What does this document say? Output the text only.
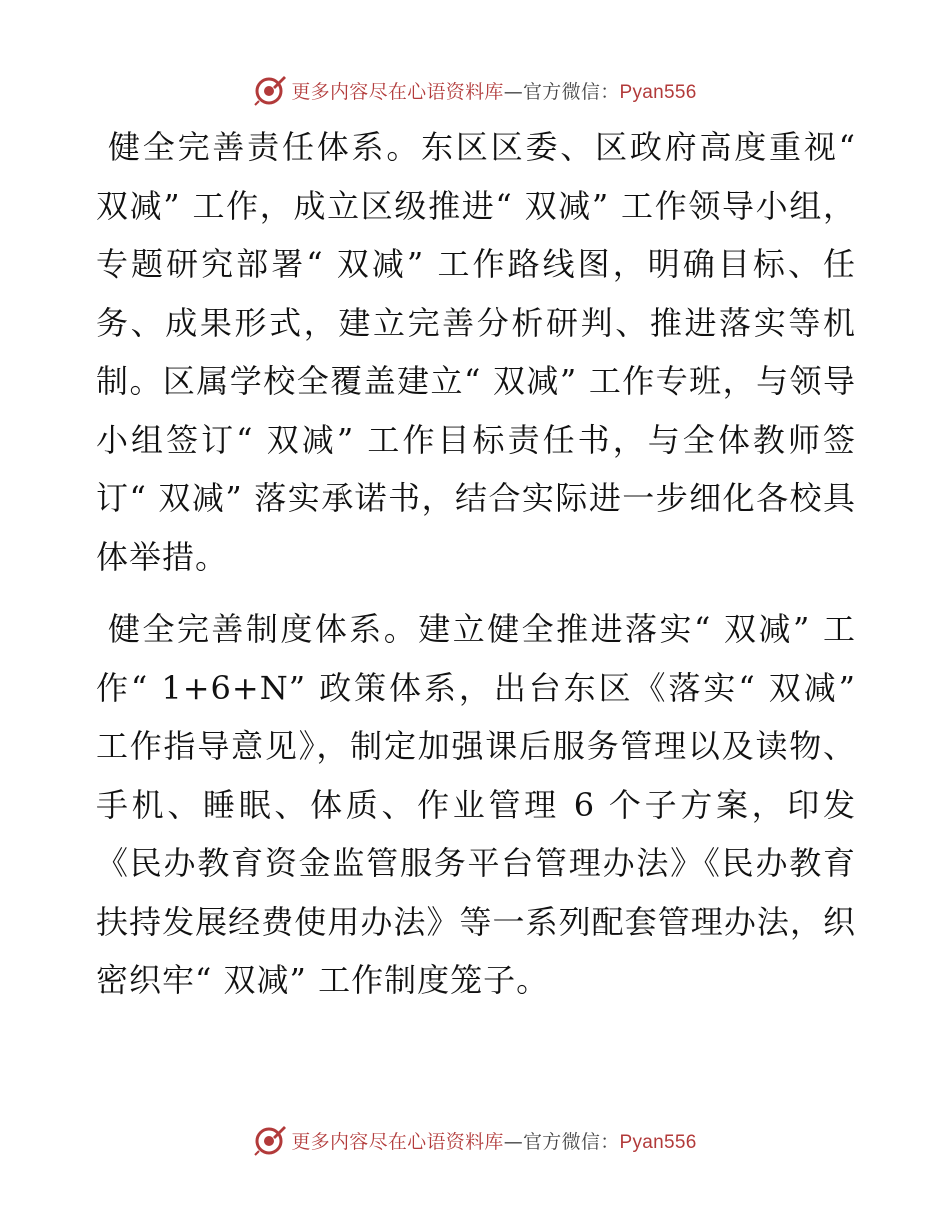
更多内容尽在心语资料库—官方微信：Pyan556

健全完善责任体系。东区区委、区政府高度重视“ 双减” 工作，成立区级推进“ 双减” 工作领导小组，专题研究部署“ 双减” 工作路线图，明确目标、任务、成果形式，建立完善分析研判、推进落实等机制。区属学校全覆盖建立“ 双减” 工作专班，与领导小组签订“ 双减” 工作目标责任书，与全体教师签订“ 双减” 落实承诺书，结合实际进一步细化各校具体举措。

健全完善制度体系。建立健全推进落实“ 双减” 工作“ 1+6+N” 政策体系，出台东区《落实“ 双减” 工作指导意见》，制定加强课后服务管理以及读物、手机、睡眠、体质、作业管理 6 个子方案，印发《民办教育资金监管服务平台管理办法》《民办教育扶持发展经费使用办法》等一系列配套管理办法，织密织牢“ 双减” 工作制度笼子。

更多内容尽在心语资料库—官方微信：Pyan556
